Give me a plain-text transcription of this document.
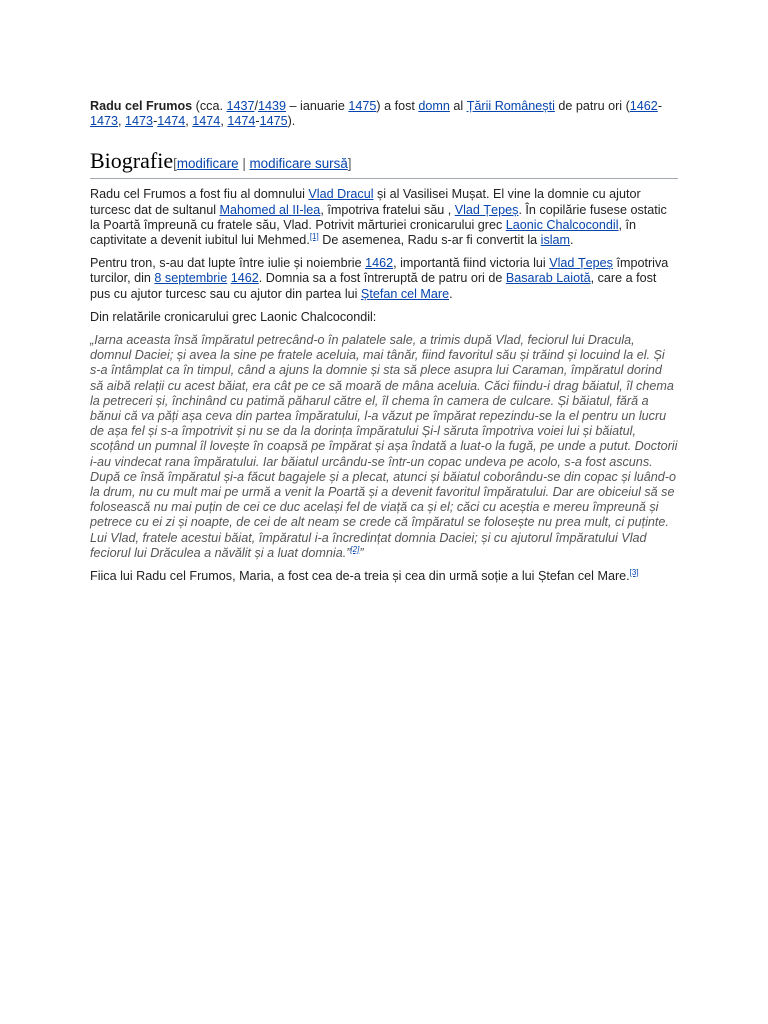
Radu cel Frumos (cca. 1437/1439 – ianuarie 1475) a fost domn al Țării Românești de patru ori (1462-1473, 1473-1474, 1474, 1474-1475).

Biografie[modificare | modificare sursă]

Radu cel Frumos a fost fiu al domnului Vlad Dracul și al Vasilisei Mușat. El vine la domnie cu ajutor turcesc dat de sultanul Mahomed al II-lea, împotriva fratelui său , Vlad Țepeș. În copilărie fusese ostatic la Poartă împreună cu fratele său, Vlad. Potrivit mărturiei cronicarului grec Laonic Chalcocondil, în captivitate a devenit iubitul lui Mehmed.[1] De asemenea, Radu s-ar fi convertit la islam.

Pentru tron, s-au dat lupte între iulie și noiembrie 1462, importantă fiind victoria lui Vlad Țepeș împotriva turcilor, din 8 septembrie 1462. Domnia sa a fost întreruptă de patru ori de Basarab Laiotă, care a fost pus cu ajutor turcesc sau cu ajutor din partea lui Ștefan cel Mare.

Din relatările cronicarului grec Laonic Chalcocondil:

„Iarna aceasta însă împăratul petrecând-o în palatele sale, a trimis după Vlad, feciorul lui Dracula, domnul Daciei; și avea la sine pe fratele aceluia, mai tânăr, fiind favoritul său și trăind și locuind la el. Și s-a întâmplat ca în timpul, când a ajuns la domnie și sta să plece asupra lui Caraman, împăratul dorind să aibă relații cu acest băiat, era cât pe ce să moară de mâna aceluia. Căci fiindu-i drag băiatul, îl chema la petreceri și, închinând cu patimă păharul către el, îl chema în camera de culcare. Și băiatul, fără a bănui că va păți așa ceva din partea împăratului, l-a văzut pe împărat repezindu-se la el pentru un lucru de așa fel și s-a împotrivit și nu se da la dorința împăratului Și-l săruta împotriva voiei lui și băiatul, scoțând un pumnal îl lovește în coapsă pe împărat și așa îndată a luat-o la fugă, pe unde a putut. Doctorii i-au vindecat rana împăratului. Iar băiatul urcându-se într-un copac undeva pe acolo, s-a fost ascuns. După ce însă împăratul și-a făcut bagajele și a plecat, atunci și băiatul coborându-se din copac și luând-o la drum, nu cu mult mai pe urmă a venit la Poartă și a devenit favoritul împăratului. Dar are obiceiul să se folosească nu mai puțin de cei ce duc același fel de viață ca și el; căci cu aceștia e mereu împreună și petrece cu ei zi și noapte, de cei de alt neam se crede că împăratul se folosește nu prea mult, ci puținte. Lui Vlad, fratele acestui băiat, împăratul i-a încredințat domnia Daciei; și cu ajutorul împăratului Vlad feciorul lui Drăculea a năvălit și a luat domnia.”[2]”

Fiica lui Radu cel Frumos, Maria, a fost cea de-a treia și cea din urmă soție a lui Ștefan cel Mare.[3]
